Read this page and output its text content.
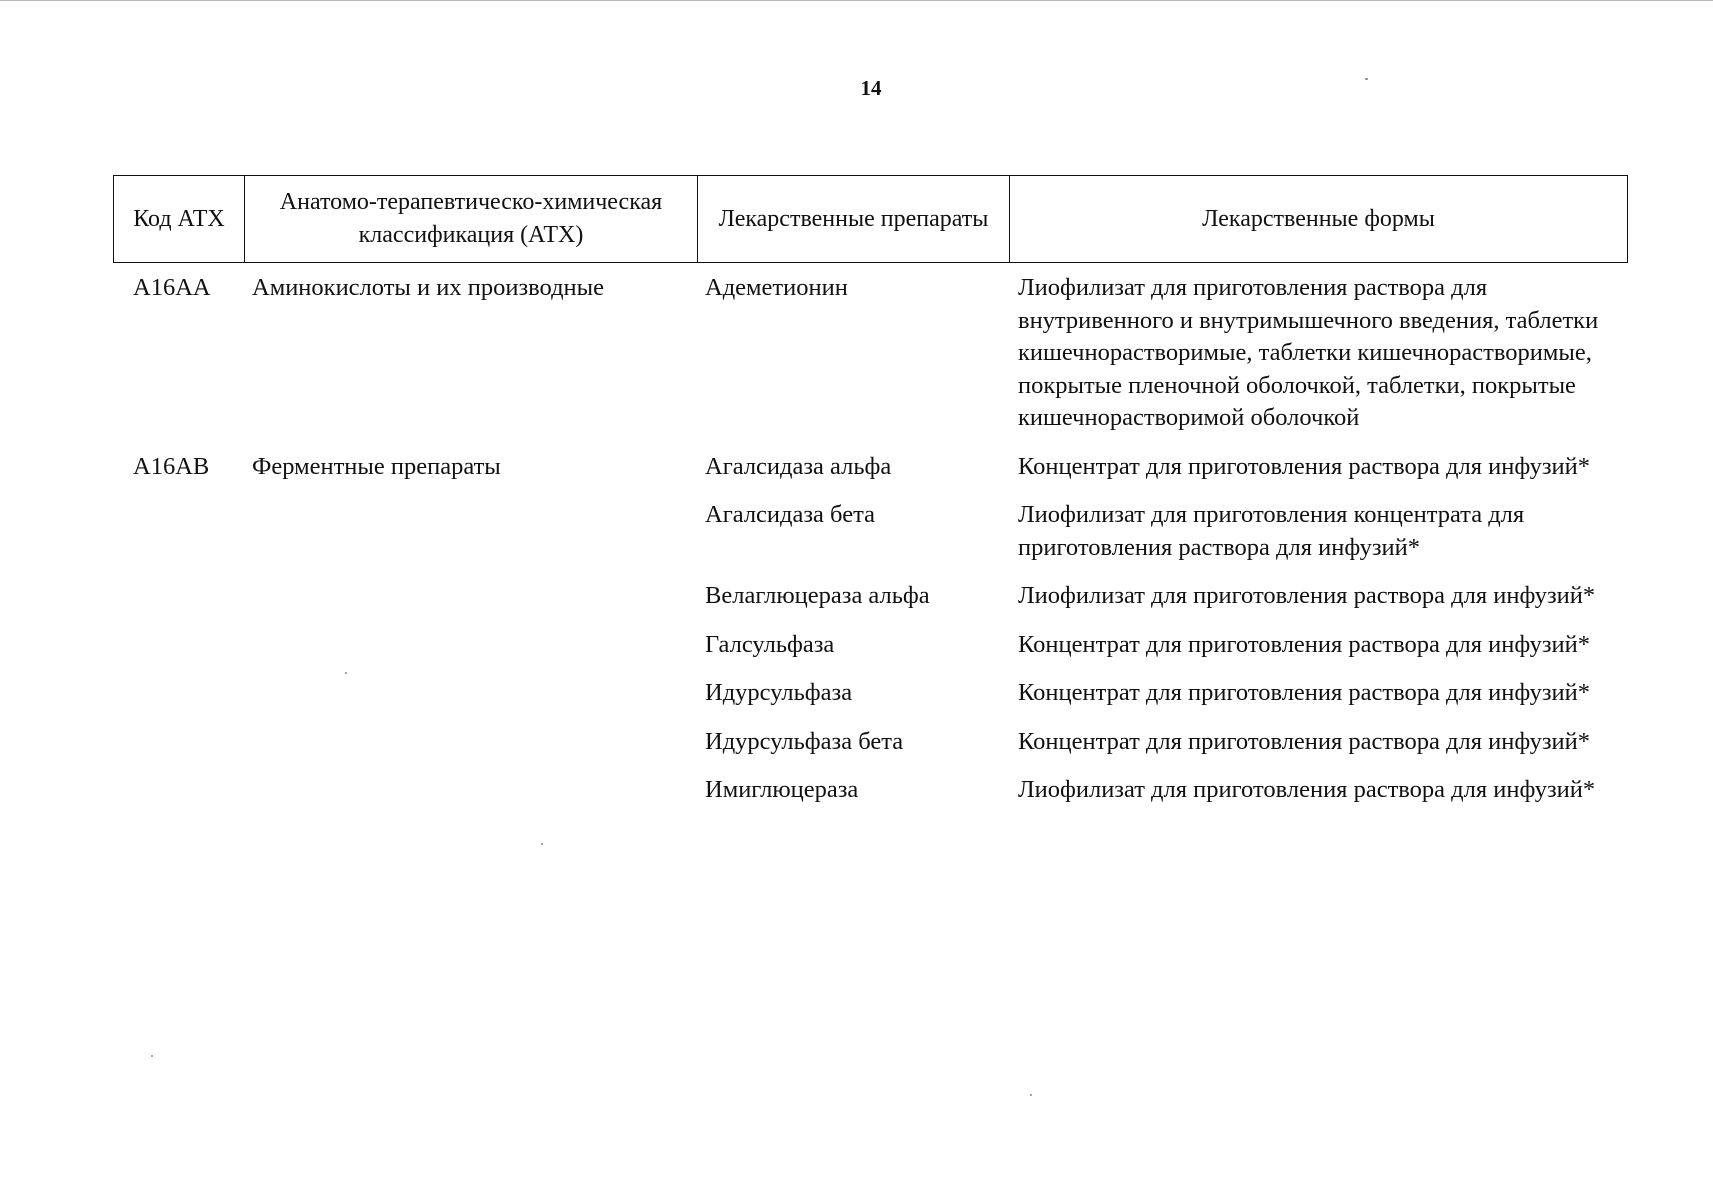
14
Код АТХ	Анатомо-терапевтическо-химическая классификация (АТХ)	Лекарственные препараты	Лекарственные формы
A16AA	Аминокислоты и их производные	Адеметионин	Лиофилизат для приготовления раствора для внутривенного и внутримышечного введения, таблетки кишечнорастворимые, таблетки кишечнорастворимые, покрытые пленочной оболочкой, таблетки, покрытые кишечнорастворимой оболочкой
A16AB	Ферментные препараты	Агалсидаза альфа	Концентрат для приготовления раствора для инфузий*
		Агалсидаза бета	Лиофилизат для приготовления концентрата для приготовления раствора для инфузий*
		Велаглюцераза альфа	Лиофилизат для приготовления раствора для инфузий*
		Галсульфаза	Концентрат для приготовления раствора для инфузий*
		Идурсульфаза	Концентрат для приготовления раствора для инфузий*
		Идурсульфаза бета	Концентрат для приготовления раствора для инфузий*
		Имиглюцераза	Лиофилизат для приготовления раствора для инфузий*
